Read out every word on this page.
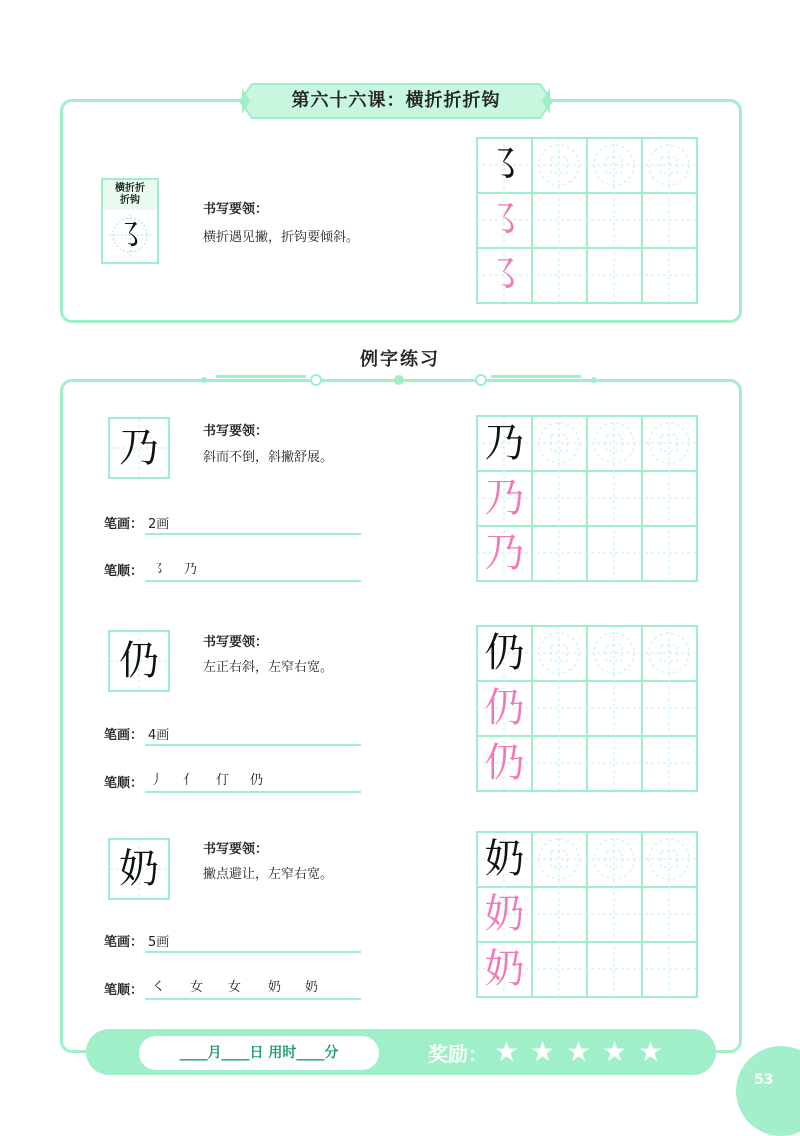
第六十六课：横折折折钩
横折折
折钩
㇌
书写要领：
横折遇见撇，折钩要倾斜。
㇌
㇌
㇌
例字练习
乃	书写要领：
斜而不倒，斜撇舒展。
笔画： 2画
笔顺： ㇌ 乃
乃
乃
乃
仍	书写要领：
左正右斜，左窄右宽。
笔画： 4画
笔顺： 丿 亻 仃 仍
仍
仍
仍
奶	书写要领：
撇点避让，左窄右宽。
笔画： 5画
笔顺： ㇛ 女 女 奶 奶
奶
奶
奶
____月____日 用时____分	奖励： ★ ★ ★ ★ ★
53
